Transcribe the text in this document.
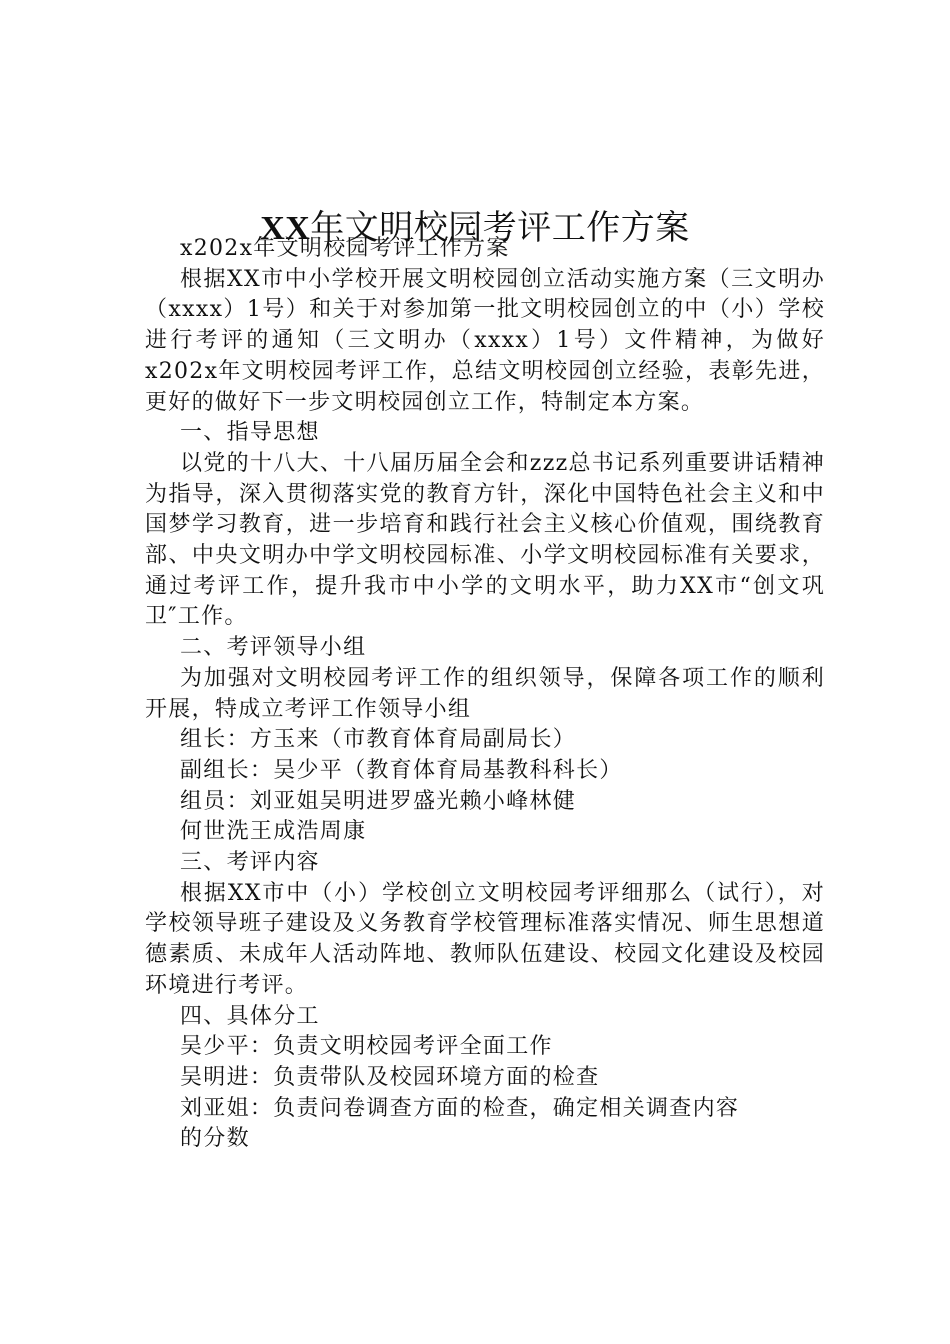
XX年文明校园考评工作方案

x202x年文明校园考评工作方案

根据XX市中小学校开展文明校园创立活动实施方案（三文明办（xxxx）1号）和关于对参加第一批文明校园创立的中（小）学校进行考评的通知（三文明办（xxxx）1号）文件精神，为做好x202x年文明校园考评工作，总结文明校园创立经验，表彰先进，更好的做好下一步文明校园创立工作，特制定本方案。

一、指导思想

以党的十八大、十八届历届全会和zzz总书记系列重要讲话精神为指导，深入贯彻落实党的教育方针，深化中国特色社会主义和中国梦学习教育，进一步培育和践行社会主义核心价值观，围绕教育部、中央文明办中学文明校园标准、小学文明校园标准有关要求，通过考评工作，提升我市中小学的文明水平，助力XX市“创文巩卫″工作。

二、考评领导小组

为加强对文明校园考评工作的组织领导，保障各项工作的顺利开展，特成立考评工作领导小组

组长：方玉来（市教育体育局副局长）

副组长：吴少平（教育体育局基教科科长）

组员：刘亚姐吴明进罗盛光赖小峰林健

何世洗王成浩周康

三、考评内容

根据XX市中（小）学校创立文明校园考评细那么（试行），对学校领导班子建设及义务教育学校管理标准落实情况、师生思想道德素质、未成年人活动阵地、教师队伍建设、校园文化建设及校园环境进行考评。

四、具体分工

吴少平：负责文明校园考评全面工作

吴明进：负责带队及校园环境方面的检查

刘亚姐：负责问卷调查方面的检查，确定相关调查内容

的分数
